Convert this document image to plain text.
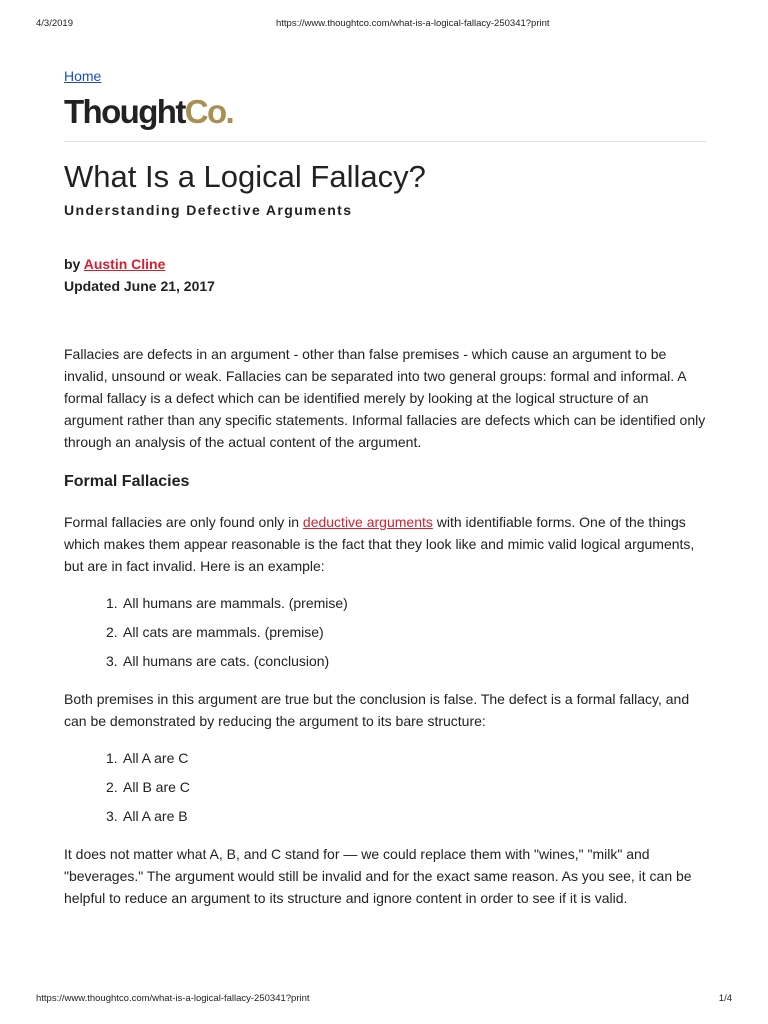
4/3/2019	https://www.thoughtco.com/what-is-a-logical-fallacy-250341?print
Home
ThoughtCo.
What Is a Logical Fallacy?
Understanding Defective Arguments
by Austin Cline
Updated June 21, 2017

Fallacies are defects in an argument - other than false premises - which cause an argument to be invalid, unsound or weak. Fallacies can be separated into two general groups: formal and informal. A formal fallacy is a defect which can be identified merely by looking at the logical structure of an argument rather than any specific statements. Informal fallacies are defects which can be identified only through an analysis of the actual content of the argument.

Formal Fallacies

Formal fallacies are only found only in deductive arguments with identifiable forms. One of the things which makes them appear reasonable is the fact that they look like and mimic valid logical arguments, but are in fact invalid. Here is an example:

1. All humans are mammals. (premise)
2. All cats are mammals. (premise)
3. All humans are cats. (conclusion)

Both premises in this argument are true but the conclusion is false. The defect is a formal fallacy, and can be demonstrated by reducing the argument to its bare structure:

1. All A are C
2. All B are C
3. All A are B

It does not matter what A, B, and C stand for — we could replace them with "wines," "milk" and "beverages." The argument would still be invalid and for the exact same reason. As you see, it can be helpful to reduce an argument to its structure and ignore content in order to see if it is valid.

https://www.thoughtco.com/what-is-a-logical-fallacy-250341?print	1/4
